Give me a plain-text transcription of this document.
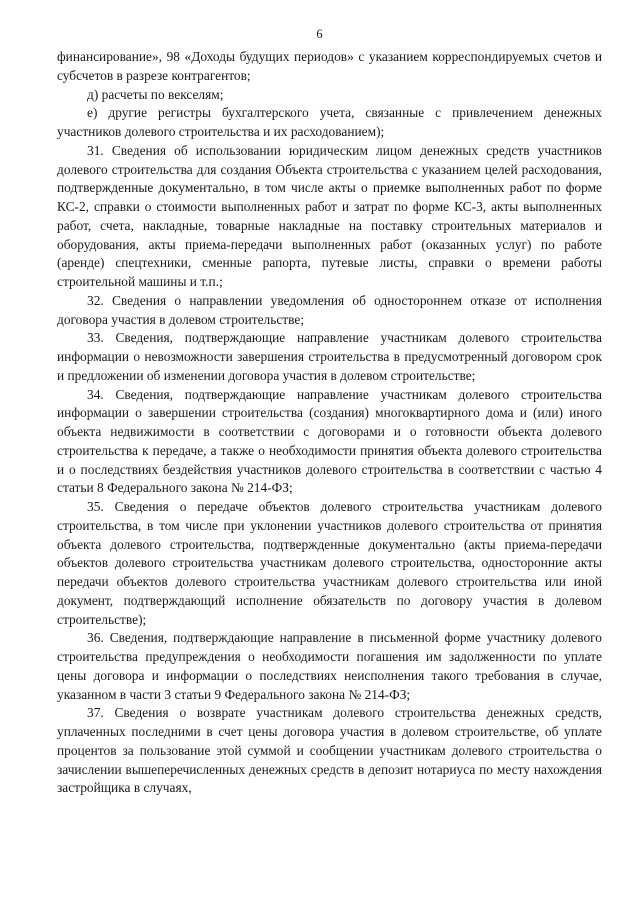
6

финансирование», 98 «Доходы будущих периодов» с указанием корреспондируемых счетов и субсчетов в разрезе контрагентов;

д) расчеты по векселям;

е) другие регистры бухгалтерского учета, связанные с привлечением денежных участников долевого строительства и их расходованием);

31. Сведения об использовании юридическим лицом денежных средств участников долевого строительства для создания Объекта строительства с указанием целей расходования, подтвержденные документально, в том числе акты о приемке выполненных работ по форме КС-2, справки о стоимости выполненных работ и затрат по форме КС-3, акты выполненных работ, счета, накладные, товарные накладные на поставку строительных материалов и оборудования, акты приема-передачи выполненных работ (оказанных услуг) по работе (аренде) спецтехники, сменные рапорта, путевые листы, справки о времени работы строительной машины и т.п.;

32. Сведения о направлении уведомления об одностороннем отказе от исполнения договора участия в долевом строительстве;

33. Сведения, подтверждающие направление участникам долевого строительства информации о невозможности завершения строительства в предусмотренный договором срок и предложении об изменении договора участия в долевом строительстве;

34. Сведения, подтверждающие направление участникам долевого строительства информации о завершении строительства (создания) многоквартирного дома и (или) иного объекта недвижимости в соответствии с договорами и о готовности объекта долевого строительства к передаче, а также о необходимости принятия объекта долевого строительства и о последствиях бездействия участников долевого строительства в соответствии с частью 4 статьи 8 Федерального закона № 214-ФЗ;

35. Сведения о передаче объектов долевого строительства участникам долевого строительства, в том числе при уклонении участников долевого строительства от принятия объекта долевого строительства, подтвержденные документально (акты приема-передачи объектов долевого строительства участникам долевого строительства, односторонние акты передачи объектов долевого строительства участникам долевого строительства или иной документ, подтверждающий исполнение обязательств по договору участия в долевом строительстве);

36. Сведения, подтверждающие направление в письменной форме участнику долевого строительства предупреждения о необходимости погашения им задолженности по уплате цены договора и информации о последствиях неисполнения такого требования в случае, указанном в части 3 статьи 9 Федерального закона № 214-ФЗ;

37. Сведения о возврате участникам долевого строительства денежных средств, уплаченных последними в счет цены договора участия в долевом строительстве, об уплате процентов за пользование этой суммой и сообщении участникам долевого строительства о зачислении вышеперечисленных денежных средств в депозит нотариуса по месту нахождения застройщика в случаях,
